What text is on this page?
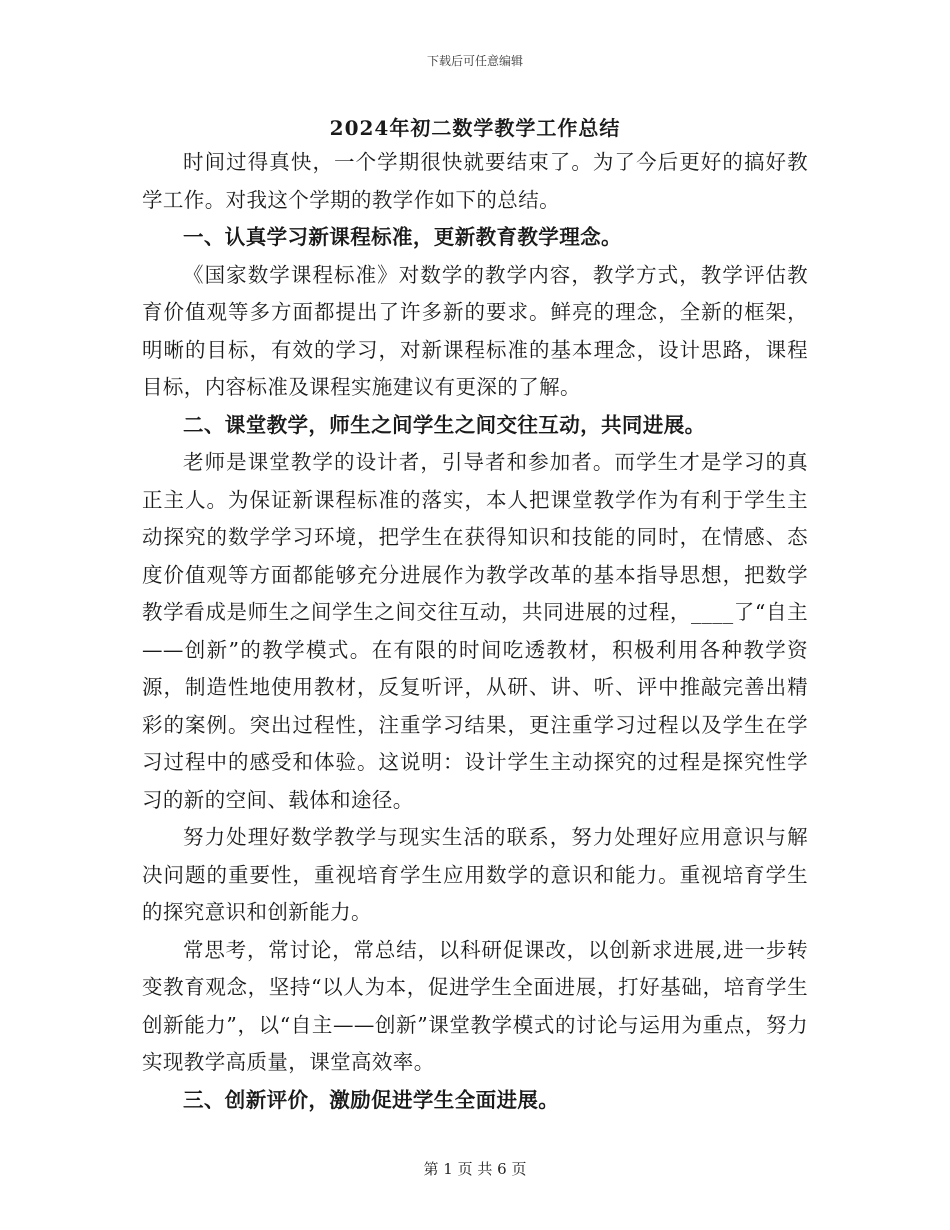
下载后可任意编辑
2024年初二数学教学工作总结

时间过得真快，一个学期很快就要结束了。为了今后更好的搞好教学工作。对我这个学期的教学作如下的总结。

一、认真学习新课程标准，更新教育教学理念。

《国家数学课程标准》对数学的教学内容，教学方式，教学评估教育价值观等多方面都提出了许多新的要求。鲜亮的理念，全新的框架，明晰的目标，有效的学习，对新课程标准的基本理念，设计思路，课程目标，内容标准及课程实施建议有更深的了解。

二、课堂教学，师生之间学生之间交往互动，共同进展。

老师是课堂教学的设计者，引导者和参加者。而学生才是学习的真正主人。为保证新课程标准的落实，本人把课堂教学作为有利于学生主动探究的数学学习环境，把学生在获得知识和技能的同时，在情感、态度价值观等方面都能够充分进展作为教学改革的基本指导思想，把数学教学看成是师生之间学生之间交往互动，共同进展的过程，____了“自主——创新”的教学模式。在有限的时间吃透教材，积极利用各种教学资源，制造性地使用教材，反复听评，从研、讲、听、评中推敲完善出精彩的案例。突出过程性，注重学习结果，更注重学习过程以及学生在学习过程中的感受和体验。这说明：设计学生主动探究的过程是探究性学习的新的空间、载体和途径。

努力处理好数学教学与现实生活的联系，努力处理好应用意识与解决问题的重要性，重视培育学生应用数学的意识和能力。重视培育学生的探究意识和创新能力。

常思考，常讨论，常总结，以科研促课改，以创新求进展,进一步转变教育观念，坚持“以人为本，促进学生全面进展，打好基础，培育学生创新能力”，以“自主——创新”课堂教学模式的讨论与运用为重点，努力实现教学高质量，课堂高效率。

三、创新评价，激励促进学生全面进展。

第 1 页 共 6 页
